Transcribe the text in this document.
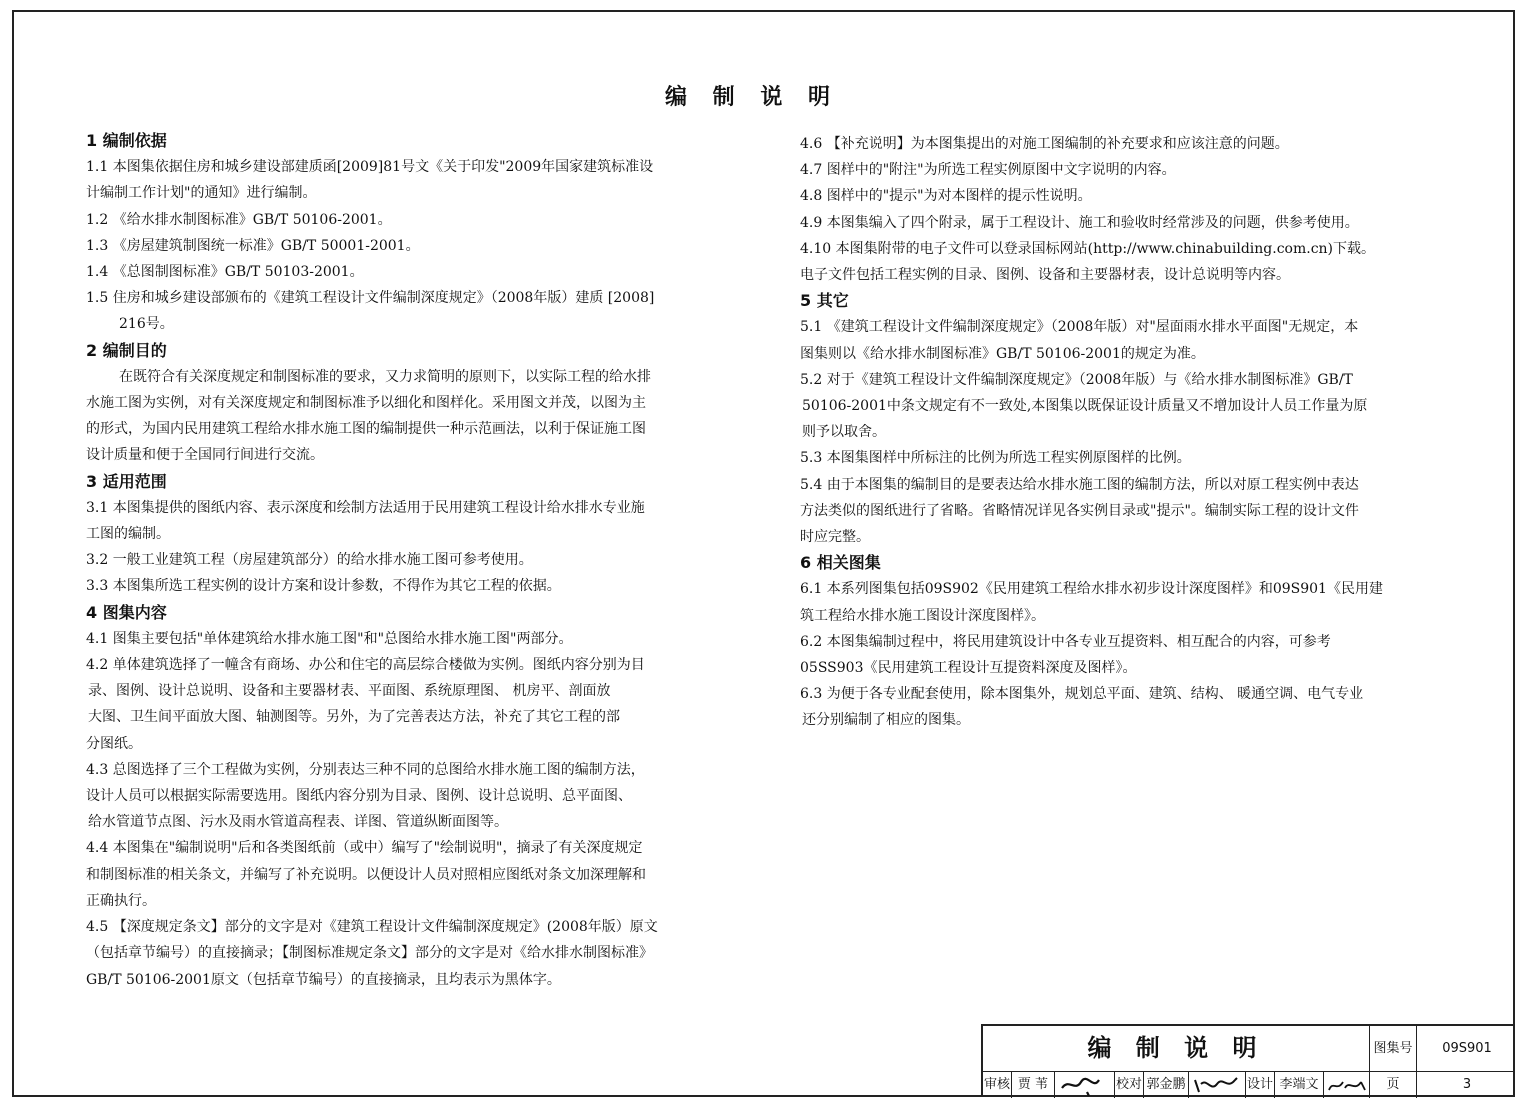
编 制 说 明
1 编制依据
1.1 本图集依据住房和城乡建设部建质函[2009]81号文《关于印发"2009年国家建筑标准设
计编制工作计划"的通知》进行编制。
1.2 《给水排水制图标准》GB/T 50106-2001。
1.3 《房屋建筑制图统一标准》GB/T 50001-2001。
1.4 《总图制图标准》GB/T 50103-2001。
1.5 住房和城乡建设部颁布的《建筑工程设计文件编制深度规定》（2008年版）建质 [2008]
216号。
2 编制目的
在既符合有关深度规定和制图标准的要求，又力求简明的原则下，以实际工程的给水排
水施工图为实例，对有关深度规定和制图标准予以细化和图样化。采用图文并茂，以图为主
的形式，为国内民用建筑工程给水排水施工图的编制提供一种示范画法，以利于保证施工图
设计质量和便于全国同行间进行交流。
3 适用范围
3.1 本图集提供的图纸内容、表示深度和绘制方法适用于民用建筑工程设计给水排水专业施
工图的编制。
3.2 一般工业建筑工程（房屋建筑部分）的给水排水施工图可参考使用。
3.3 本图集所选工程实例的设计方案和设计参数，不得作为其它工程的依据。
4 图集内容
4.1 图集主要包括"单体建筑给水排水施工图"和"总图给水排水施工图"两部分。
4.2 单体建筑选择了一幢含有商场、办公和住宅的高层综合楼做为实例。图纸内容分别为目
录、图例、设计总说明、设备和主要器材表、平面图、系统原理图、 机房平、剖面放
大图、卫生间平面放大图、轴测图等。另外，为了完善表达方法，补充了其它工程的部
分图纸。
4.3 总图选择了三个工程做为实例，分别表达三种不同的总图给水排水施工图的编制方法，
设计人员可以根据实际需要选用。图纸内容分别为目录、图例、设计总说明、总平面图、
给水管道节点图、污水及雨水管道高程表、详图、管道纵断面图等。
4.4 本图集在"编制说明"后和各类图纸前（或中）编写了"绘制说明"，摘录了有关深度规定
和制图标准的相关条文，并编写了补充说明。以便设计人员对照相应图纸对条文加深理解和
正确执行。
4.5 【深度规定条文】部分的文字是对《建筑工程设计文件编制深度规定》(2008年版）原文
（包括章节编号）的直接摘录；【制图标准规定条文】部分的文字是对《给水排水制图标准》
GB/T 50106-2001原文（包括章节编号）的直接摘录，且均表示为黑体字。
4.6 【补充说明】为本图集提出的对施工图编制的补充要求和应该注意的问题。
4.7 图样中的"附注"为所选工程实例原图中文字说明的内容。
4.8 图样中的"提示"为对本图样的提示性说明。
4.9 本图集编入了四个附录，属于工程设计、施工和验收时经常涉及的问题，供参考使用。
4.10 本图集附带的电子文件可以登录国标网站(http://www.chinabuilding.com.cn)下载。
电子文件包括工程实例的目录、图例、设备和主要器材表，设计总说明等内容。
5 其它
5.1 《建筑工程设计文件编制深度规定》（2008年版）对"屋面雨水排水平面图"无规定，本
图集则以《给水排水制图标准》GB/T 50106-2001的规定为准。
5.2 对于《建筑工程设计文件编制深度规定》（2008年版）与《给水排水制图标准》GB/T
50106-2001中条文规定有不一致处,本图集以既保证设计质量又不增加设计人员工作量为原
则予以取舍。
5.3 本图集图样中所标注的比例为所选工程实例原图样的比例。
5.4 由于本图集的编制目的是要表达给水排水施工图的编制方法，所以对原工程实例中表达
方法类似的图纸进行了省略。省略情况详见各实例目录或"提示"。编制实际工程的设计文件
时应完整。
6 相关图集
6.1 本系列图集包括09S902《民用建筑工程给水排水初步设计深度图样》和09S901《民用建
筑工程给水排水施工图设计深度图样》。
6.2 本图集编制过程中，将民用建筑设计中各专业互提资料、相互配合的内容，可参考
05SS903《民用建筑工程设计互提资料深度及图样》。
6.3 为便于各专业配套使用，除本图集外，规划总平面、建筑、结构、 暖通空调、电气专业
还分别编制了相应的图集。
编 制 说 明	图集号	09S901
审核 贾 苇	校对 郭金鹏	设计 李端文	页	3
